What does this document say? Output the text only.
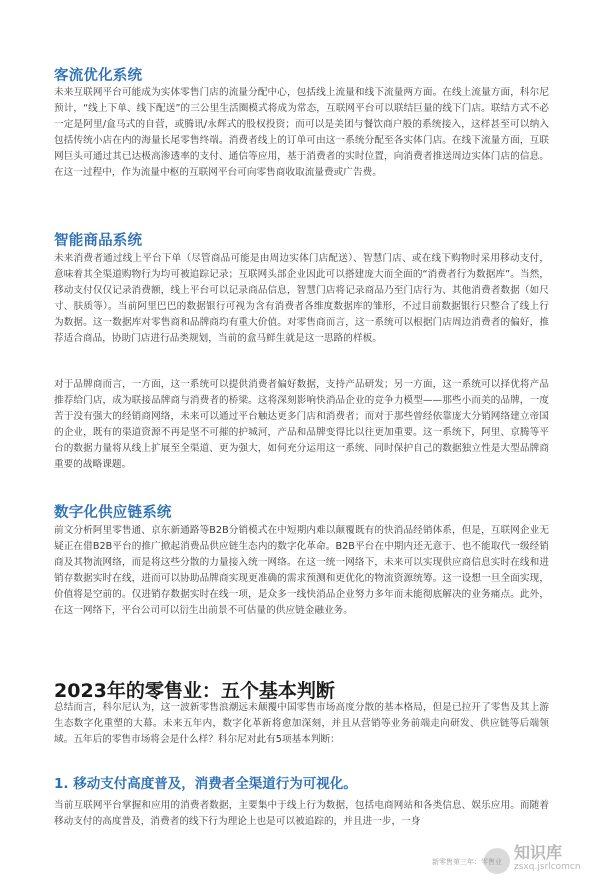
客流优化系统

未来互联网平台可能成为实体零售门店的流量分配中心，包括线上流量和线下流量两方面。在线上流量方面，科尔尼预计，“线上下单、线下配送”的三公里生活圈模式将成为常态，互联网平台可以联结巨量的线下门店。联结方式不必一定是阿里/盒马式的自营，或腾讯/永辉式的股权投资；而可以是美团与餐饮商户般的系统接入，这样甚至可以纳入包括传统小店在内的海量长尾零售终端。消费者线上的订单可由这一系统分配至各实体门店。在线下流量方面，互联网巨头可通过其已达极高渗透率的支付、通信等应用，基于消费者的实时位置，向消费者推送周边实体门店的信息。在这一过程中，作为流量中枢的互联网平台可向零售商收取流量费或广告费。

智能商品系统

未来消费者通过线上平台下单（尽管商品可能是由周边实体门店配送）、智慧门店、或在线下购物时采用移动支付，意味着其全渠道购物行为均可被追踪记录；互联网头部企业因此可以搭建庞大而全面的“消费者行为数据库”。当然，移动支付仅仅记录消费额，线上平台可以记录商品信息，智慧门店将记录商品乃至门店行为、其他消费者数据（如尺寸、肤质等）。当前阿里巴巴的数据银行可视为含有消费者各维度数据库的雏形，不过目前数据银行只整合了线上行为数据。这一数据库对零售商和品牌商均有重大价值。对零售商而言，这一系统可以根据门店周边消费者的偏好，推荐适合商品，协助门店进行品类规划，当前的盒马鲜生就是这一思路的样板。

对于品牌商而言，一方面，这一系统可以提供消费者偏好数据，支持产品研发；另一方面，这一系统可以择优将产品推荐给门店，成为联接品牌商与消费者的桥梁。这将深刻影响快消品企业的竞争力模型——那些小而美的品牌，一度苦于没有强大的经销商网络，未来可以通过平台触达更多门店和消费者；而对于那些曾经依靠庞大分销网络建立帝国的企业，既有的渠道资源不再是坚不可摧的护城河，产品和品牌变得比以往更加重要。这一系统下，阿里、京腾等平台的数据力量将从线上扩展至全渠道、更为强大，如何充分运用这一系统、同时保护自己的数据独立性是大型品牌商重要的战略课题。

数字化供应链系统

前文分析阿里零售通、京东新通路等B2B分销模式在中短期内难以颠覆既有的快消品经销体系，但是，互联网企业无疑正在借B2B平台的推广掀起消费品供应链生态内的数字化革命。B2B平台在中期内还无意于、也不能取代一级经销商及其物流网络，而是将这些分散的力量接入统一网络。在这一统一网络下，未来可以实现供应商信息实时在线和进销存数据实时在线，进而可以协助品牌商实现更准确的需求预测和更优化的物流资源统筹。这一设想一旦全面实现，价值将是空前的。仅进销存数据实时在线一项，是众多一线快消品企业努力多年而未能彻底解决的业务痛点。此外，在这一网络下，平台公司可以衍生出前景不可估量的供应链金融业务。

2023年的零售业：五个基本判断

总结而言，科尔尼认为，这一波新零售浪潮远未颠覆中国零售市场高度分散的基本格局，但是已拉开了零售及其上游生态数字化重塑的大幕。未来五年内，数字化革新将愈加深刻，并且从营销等业务前端走向研发、供应链等后端领域。五年后的零售市场将会是什么样？科尔尼对此有5项基本判断：

1. 移动支付高度普及，消费者全渠道行为可视化。

当前互联网平台掌握和应用的消费者数据，主要集中于线上行为数据，包括电商网站和各类信息、娱乐应用。而随着移动支付的高度普及，消费者的线下行为理论上也是可以被追踪的，并且进一步，一身

新零售第三年：零售业 知识库
zsxq.jsrlcomcn
